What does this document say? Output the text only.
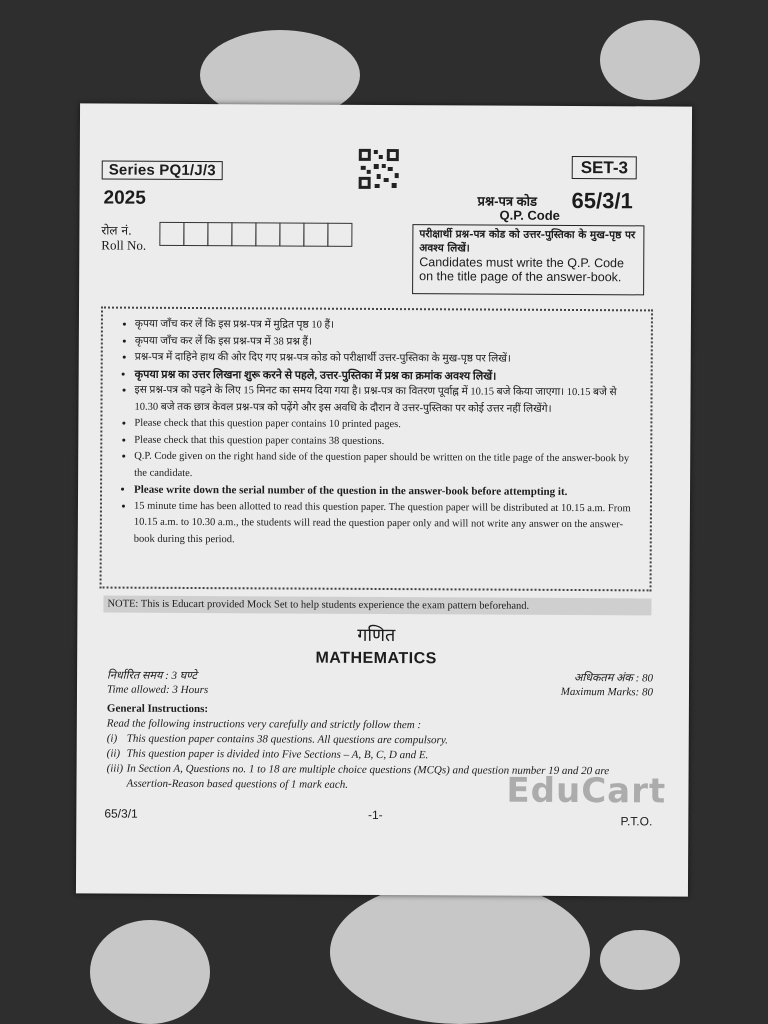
Series PQ1/J/3
2025
SET-3
प्रश्न-पत्र कोड
Q.P. Code
65/3/1
रोल नं.
Roll No.
परीक्षार्थी प्रश्न-पत्र कोड को उत्तर-पुस्तिका के मुख-पृष्ठ पर अवश्य लिखें।
Candidates must write the Q.P. Code on the title page of the answer-book.
• कृपया जाँच कर लें कि इस प्रश्न-पत्र में मुद्रित पृष्ठ 10 हैं।
• कृपया जाँच कर लें कि इस प्रश्न-पत्र में 38 प्रश्न हैं।
• प्रश्न-पत्र में दाहिने हाथ की ओर दिए गए प्रश्न-पत्र कोड को परीक्षार्थी उत्तर-पुस्तिका के मुख-पृष्ठ पर लिखें।
• कृपया प्रश्न का उत्तर लिखना शुरू करने से पहले, उत्तर-पुस्तिका में प्रश्न का क्रमांक अवश्य लिखें।
• इस प्रश्न-पत्र को पढ़ने के लिए 15 मिनट का समय दिया गया है। प्रश्न-पत्र का वितरण पूर्वाह्न में 10.15 बजे किया जाएगा। 10.15 बजे से 10.30 बजे तक छात्र केवल प्रश्न-पत्र को पढ़ेंगे और इस अवधि के दौरान वे उत्तर-पुस्तिका पर कोई उत्तर नहीं लिखेंगे।
• Please check that this question paper contains 10 printed pages.
• Please check that this question paper contains 38 questions.
• Q.P. Code given on the right hand side of the question paper should be written on the title page of the answer-book by the candidate.
• Please write down the serial number of the question in the answer-book before attempting it.
• 15 minute time has been allotted to read this question paper. The question paper will be distributed at 10.15 a.m. From 10.15 a.m. to 10.30 a.m., the students will read the question paper only and will not write any answer on the answer-book during this period.
NOTE: This is Educart provided Mock Set to help students experience the exam pattern beforehand.
गणित
MATHEMATICS
निर्धारित समय : 3 घण्टे
Time allowed: 3 Hours
अधिकतम अंक : 80
Maximum Marks: 80
General Instructions:
Read the following instructions very carefully and strictly follow them :
(i) This question paper contains 38 questions. All questions are compulsory.
(ii) This question paper is divided into Five Sections – A, B, C, D and E.
(iii) In Section A, Questions no. 1 to 18 are multiple choice questions (MCQs) and question number 19 and 20 are Assertion-Reason based questions of 1 mark each.	EduCart
65/3/1	-1-	P.T.O.
